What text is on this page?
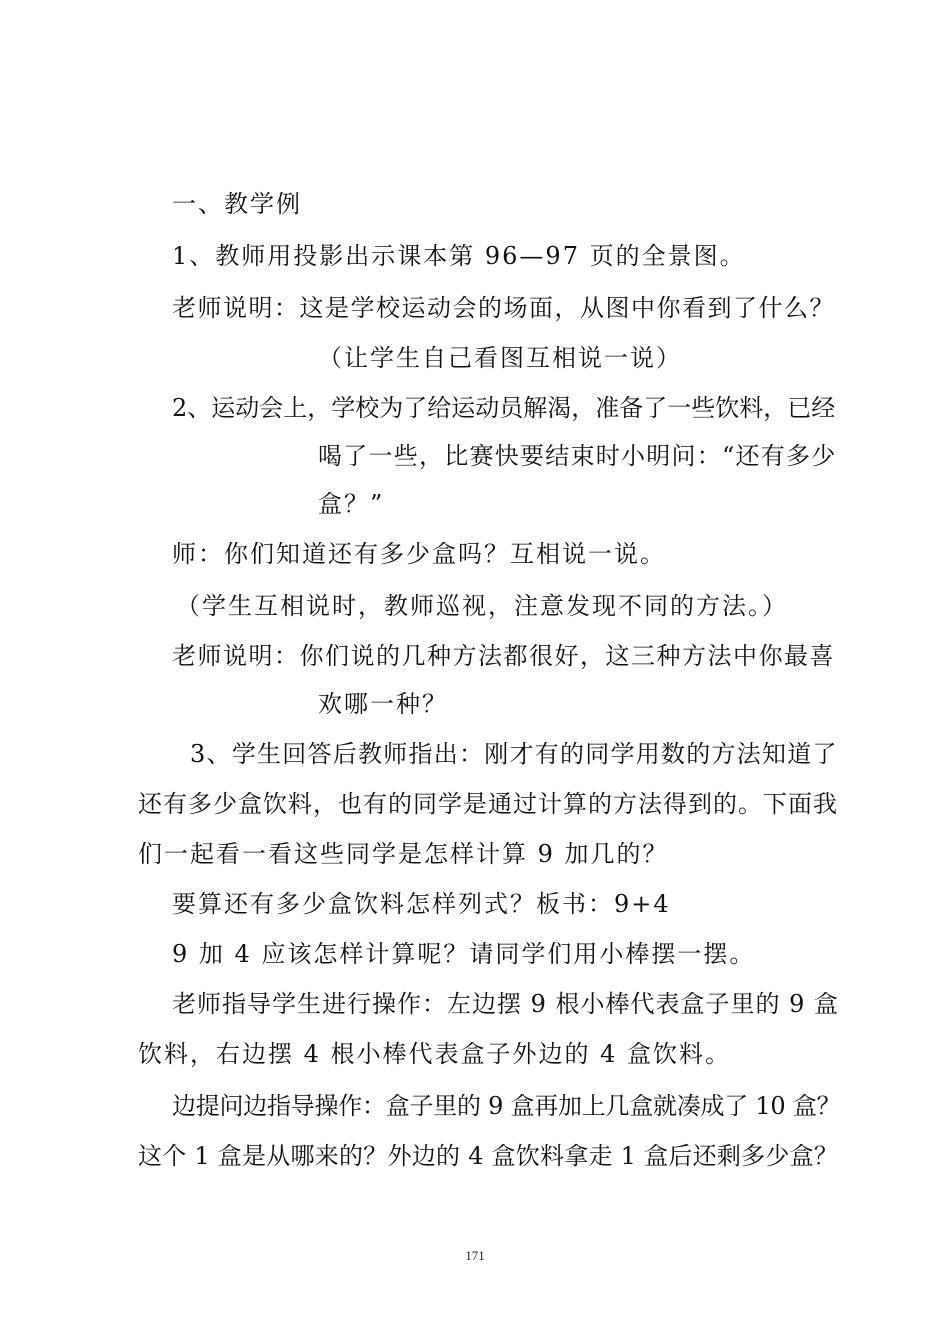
一、教学例
1、教师用投影出示课本第 96—97 页的全景图。
老师说明：这是学校运动会的场面，从图中你看到了什么？
（让学生自己看图互相说一说）
2、运动会上，学校为了给运动员解渴，准备了一些饮料，已经
喝了一些，比赛快要结束时小明问：“还有多少
盒？”
师：你们知道还有多少盒吗？互相说一说。
（学生互相说时，教师巡视，注意发现不同的方法。）
老师说明：你们说的几种方法都很好，这三种方法中你最喜
欢哪一种？
3、学生回答后教师指出：刚才有的同学用数的方法知道了
还有多少盒饮料，也有的同学是通过计算的方法得到的。下面我
们一起看一看这些同学是怎样计算 9 加几的？
要算还有多少盒饮料怎样列式？板书：9+4
9 加 4 应该怎样计算呢？请同学们用小棒摆一摆。
老师指导学生进行操作：左边摆 9 根小棒代表盒子里的 9 盒
饮料，右边摆 4 根小棒代表盒子外边的 4 盒饮料。
边提问边指导操作：盒子里的 9 盒再加上几盒就凑成了 10 盒？
这个 1 盒是从哪来的？外边的 4 盒饮料拿走 1 盒后还剩多少盒？
171
